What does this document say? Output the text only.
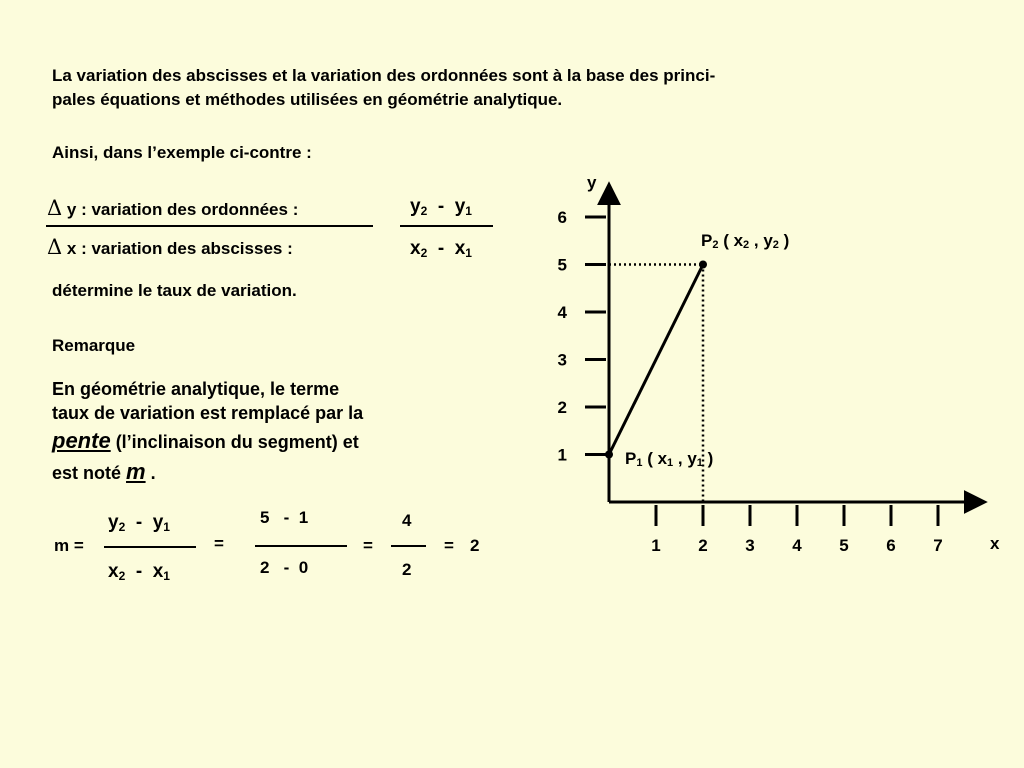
La variation des abscisses et la variation des ordonnées sont à la base des princi-
pales équations et méthodes utilisées en géométrie analytique.
Ainsi, dans l’exemple ci-contre :
Δ y : variation des ordonnées :
Δ x : variation des abscisses :
$y_2 - y_1$
$x_2 - x_1$
détermine le taux de variation.
Remarque
En géométrie analytique, le terme
taux de variation est remplacé par la
pente (l’inclinaison du segment) et
est noté m .
m =
$y_2 - y_1$
$x_2 - x_1$
=
5 - 1
2 - 0
=
4
2
= 2	x
y
1 2 3 4 5 6 7
1
2
3
4
5
6
P2 ( x2 , y2 )
P1 ( x1 , y1 )
